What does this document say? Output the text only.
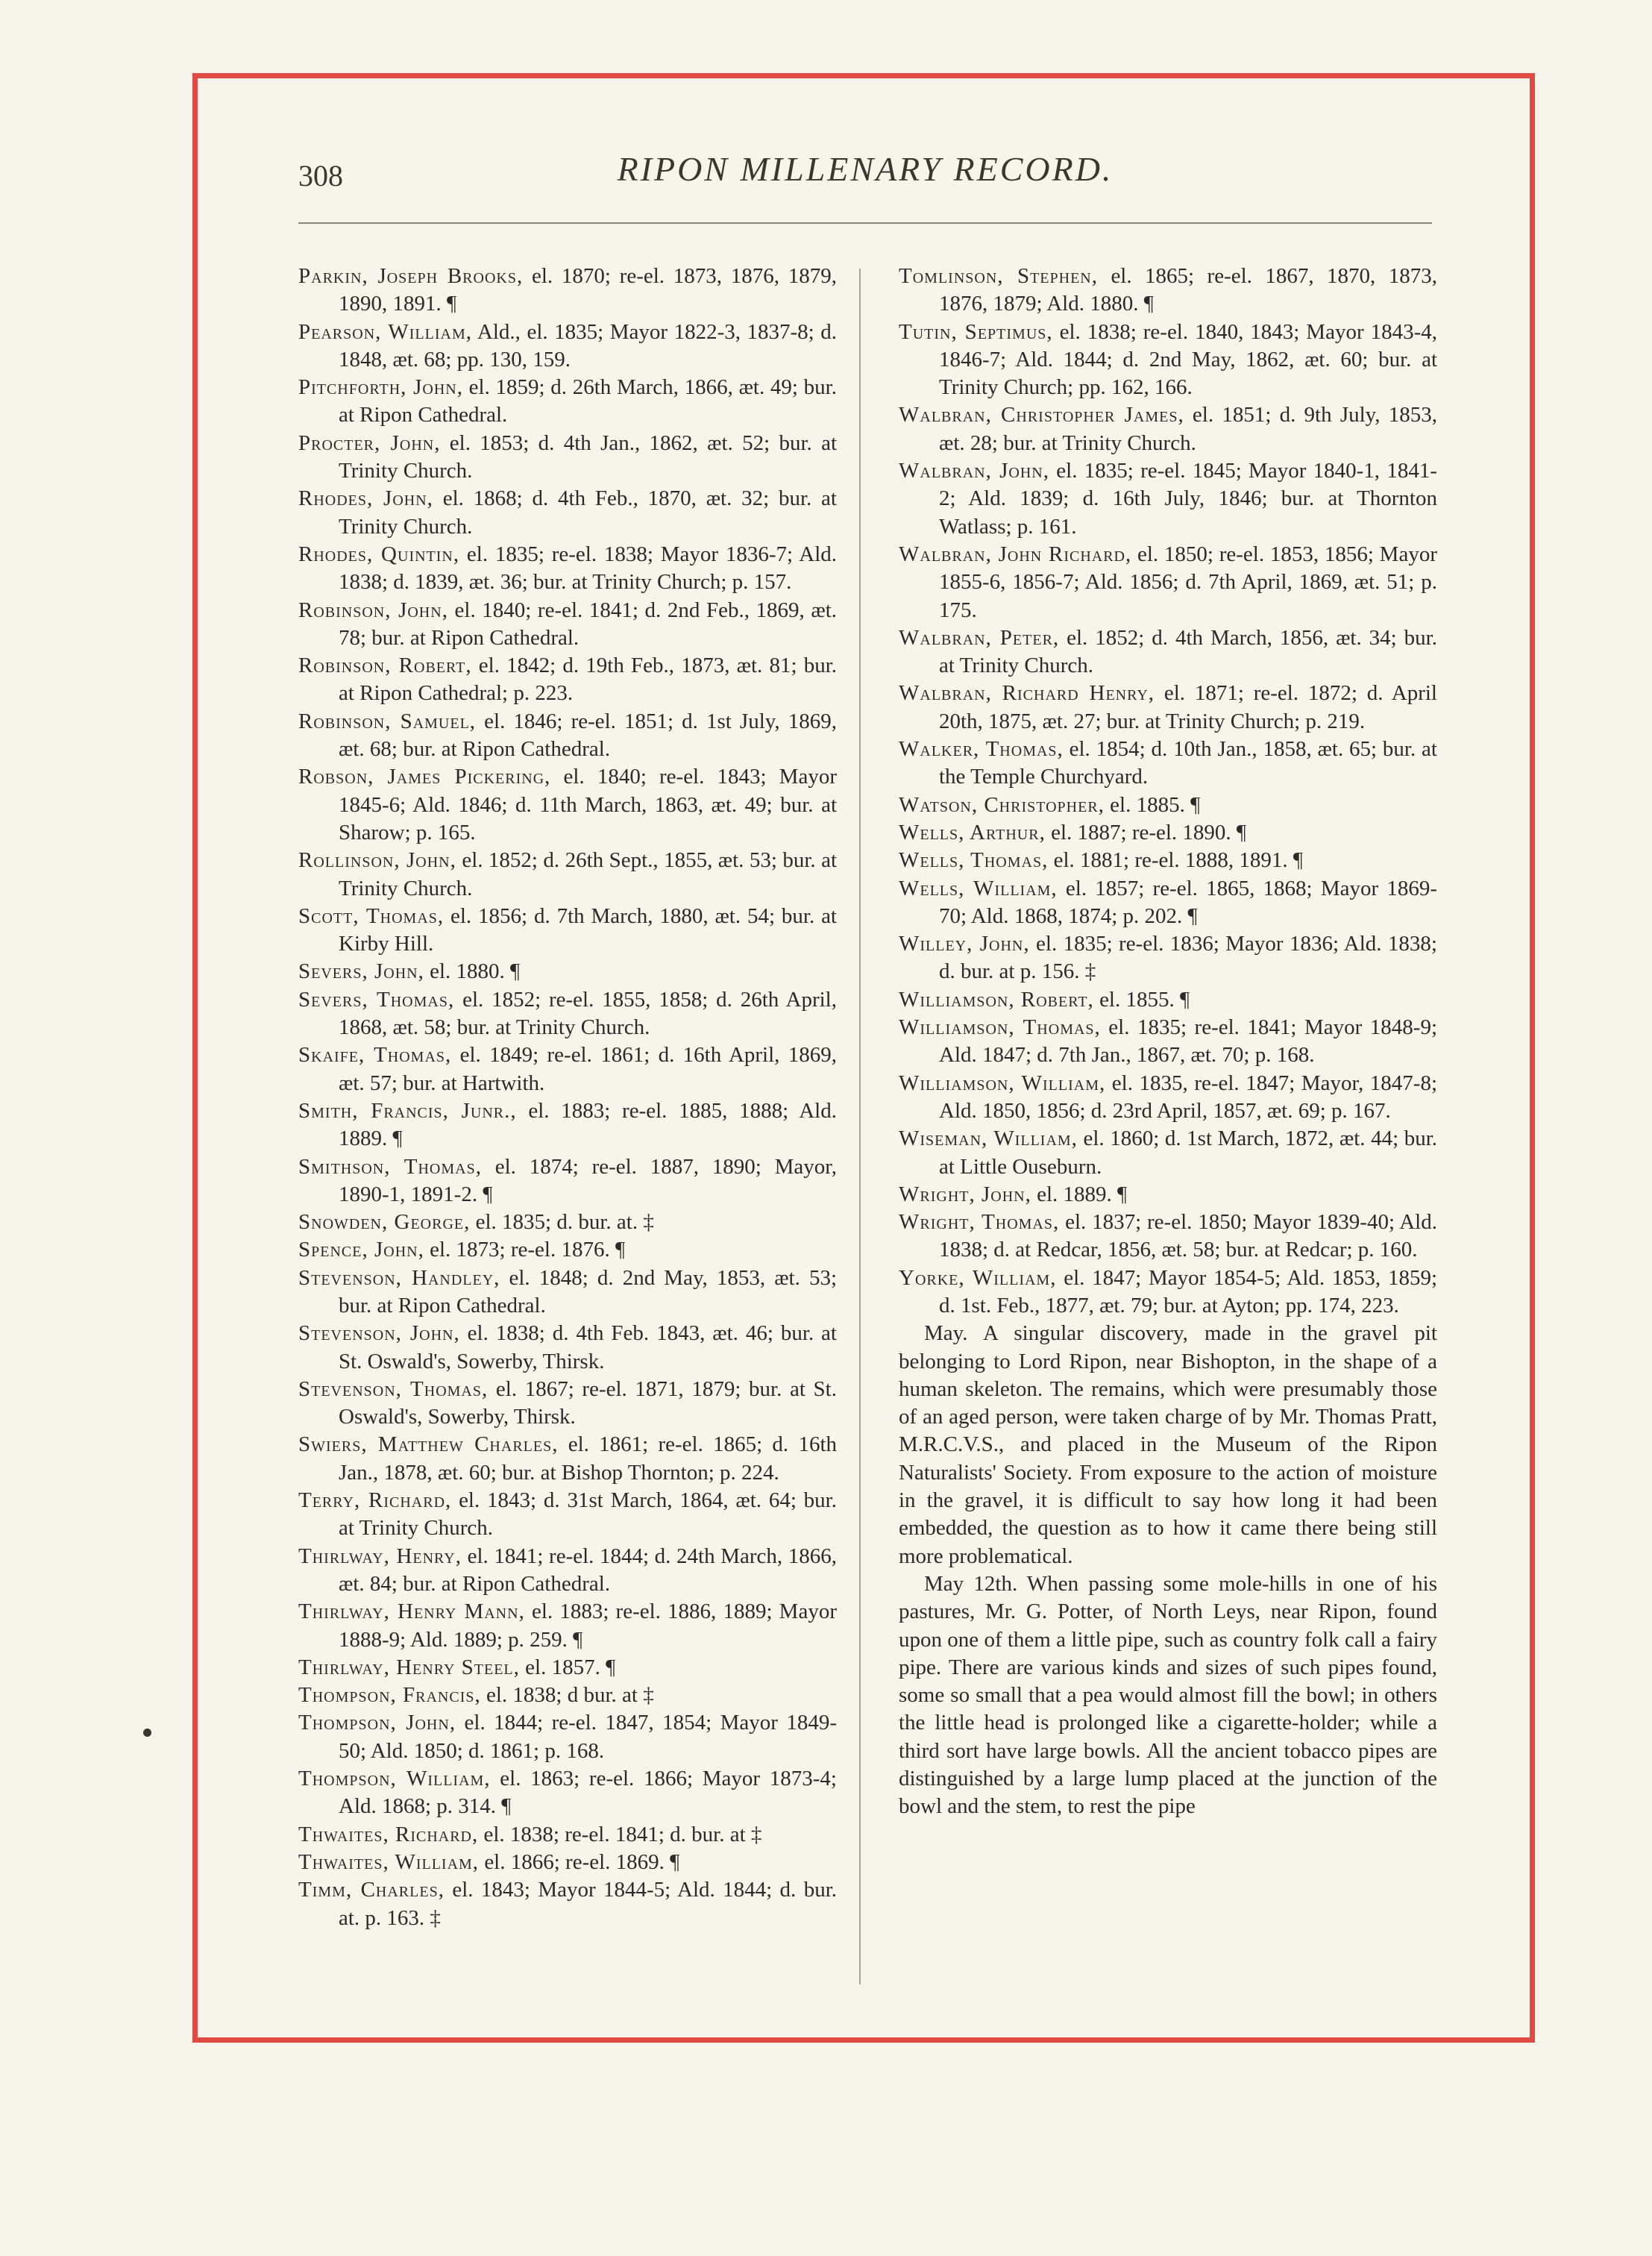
308	RIPON MILLENARY RECORD.

Parkin, Joseph Brooks, el. 1870; re-el. 1873, 1876, 1879, 1890, 1891. ¶

Pearson, William, Ald., el. 1835; Mayor 1822-3, 1837-8; d. 1848, æt. 68; pp. 130, 159.

Pitchforth, John, el. 1859; d. 26th March, 1866, æt. 49; bur. at Ripon Cathedral.

Procter, John, el. 1853; d. 4th Jan., 1862, æt. 52; bur. at Trinity Church.

Rhodes, John, el. 1868; d. 4th Feb., 1870, æt. 32; bur. at Trinity Church.

Rhodes, Quintin, el. 1835; re-el. 1838; Mayor 1836-7; Ald. 1838; d. 1839, æt. 36; bur. at Trinity Church; p. 157.

Robinson, John, el. 1840; re-el. 1841; d. 2nd Feb., 1869, æt. 78; bur. at Ripon Cathedral.

Robinson, Robert, el. 1842; d. 19th Feb., 1873, æt. 81; bur. at Ripon Cathedral; p. 223.

Robinson, Samuel, el. 1846; re-el. 1851; d. 1st July, 1869, æt. 68; bur. at Ripon Cathedral.

Robson, James Pickering, el. 1840; re-el. 1843; Mayor 1845-6; Ald. 1846; d. 11th March, 1863, æt. 49; bur. at Sharow; p. 165.

Rollinson, John, el. 1852; d. 26th Sept., 1855, æt. 53; bur. at Trinity Church.

Scott, Thomas, el. 1856; d. 7th March, 1880, æt. 54; bur. at Kirby Hill.

Severs, John, el. 1880. ¶

Severs, Thomas, el. 1852; re-el. 1855, 1858; d. 26th April, 1868, æt. 58; bur. at Trinity Church.

Skaife, Thomas, el. 1849; re-el. 1861; d. 16th April, 1869, æt. 57; bur. at Hartwith.

Smith, Francis, Junr., el. 1883; re-el. 1885, 1888; Ald. 1889. ¶

Smithson, Thomas, el. 1874; re-el. 1887, 1890; Mayor, 1890-1, 1891-2. ¶

Snowden, George, el. 1835; d. bur. at. ‡

Spence, John, el. 1873; re-el. 1876. ¶

Stevenson, Handley, el. 1848; d. 2nd May, 1853, æt. 53; bur. at Ripon Cathedral.

Stevenson, John, el. 1838; d. 4th Feb. 1843, æt. 46; bur. at St. Oswald's, Sowerby, Thirsk.

Stevenson, Thomas, el. 1867; re-el. 1871, 1879; bur. at St. Oswald's, Sowerby, Thirsk.

Swiers, Matthew Charles, el. 1861; re-el. 1865; d. 16th Jan., 1878, æt. 60; bur. at Bishop Thornton; p. 224.

Terry, Richard, el. 1843; d. 31st March, 1864, æt. 64; bur. at Trinity Church.

Thirlway, Henry, el. 1841; re-el. 1844; d. 24th March, 1866, æt. 84; bur. at Ripon Cathedral.

Thirlway, Henry Mann, el. 1883; re-el. 1886, 1889; Mayor 1888-9; Ald. 1889; p. 259. ¶

Thirlway, Henry Steel, el. 1857. ¶

Thompson, Francis, el. 1838; d bur. at ‡

Thompson, John, el. 1844; re-el. 1847, 1854; Mayor 1849-50; Ald. 1850; d. 1861; p. 168.

Thompson, William, el. 1863; re-el. 1866; Mayor 1873-4; Ald. 1868; p. 314. ¶

Thwaites, Richard, el. 1838; re-el. 1841; d. bur. at ‡

Thwaites, William, el. 1866; re-el. 1869. ¶

Timm, Charles, el. 1843; Mayor 1844-5; Ald. 1844; d. bur. at. p. 163. ‡

Tomlinson, Stephen, el. 1865; re-el. 1867, 1870, 1873, 1876, 1879; Ald. 1880. ¶

Tutin, Septimus, el. 1838; re-el. 1840, 1843; Mayor 1843-4, 1846-7; Ald. 1844; d. 2nd May, 1862, æt. 60; bur. at Trinity Church; pp. 162, 166.

Walbran, Christopher James, el. 1851; d. 9th July, 1853, æt. 28; bur. at Trinity Church.

Walbran, John, el. 1835; re-el. 1845; Mayor 1840-1, 1841-2; Ald. 1839; d. 16th July, 1846; bur. at Thornton Watlass; p. 161.

Walbran, John Richard, el. 1850; re-el. 1853, 1856; Mayor 1855-6, 1856-7; Ald. 1856; d. 7th April, 1869, æt. 51; p. 175.

Walbran, Peter, el. 1852; d. 4th March, 1856, æt. 34; bur. at Trinity Church.

Walbran, Richard Henry, el. 1871; re-el. 1872; d. April 20th, 1875, æt. 27; bur. at Trinity Church; p. 219.

Walker, Thomas, el. 1854; d. 10th Jan., 1858, æt. 65; bur. at the Temple Churchyard.

Watson, Christopher, el. 1885. ¶

Wells, Arthur, el. 1887; re-el. 1890. ¶

Wells, Thomas, el. 1881; re-el. 1888, 1891. ¶

Wells, William, el. 1857; re-el. 1865, 1868; Mayor 1869-70; Ald. 1868, 1874; p. 202. ¶

Willey, John, el. 1835; re-el. 1836; Mayor 1836; Ald. 1838; d. bur. at p. 156. ‡

Williamson, Robert, el. 1855. ¶

Williamson, Thomas, el. 1835; re-el. 1841; Mayor 1848-9; Ald. 1847; d. 7th Jan., 1867, æt. 70; p. 168.

Williamson, William, el. 1835, re-el. 1847; Mayor, 1847-8; Ald. 1850, 1856; d. 23rd April, 1857, æt. 69; p. 167.

Wiseman, William, el. 1860; d. 1st March, 1872, æt. 44; bur. at Little Ouseburn.

Wright, John, el. 1889. ¶

Wright, Thomas, el. 1837; re-el. 1850; Mayor 1839-40; Ald. 1838; d. at Redcar, 1856, æt. 58; bur. at Redcar; p. 160.

Yorke, William, el. 1847; Mayor 1854-5; Ald. 1853, 1859; d. 1st. Feb., 1877, æt. 79; bur. at Ayton; pp. 174, 223.

May. A singular discovery, made in the gravel pit belonging to Lord Ripon, near Bishopton, in the shape of a human skeleton. The remains, which were presumably those of an aged person, were taken charge of by Mr. Thomas Pratt, M.R.C.V.S., and placed in the Museum of the Ripon Naturalists' Society. From exposure to the action of moisture in the gravel, it is difficult to say how long it had been embedded, the question as to how it came there being still more problematical.

May 12th. When passing some mole-hills in one of his pastures, Mr. G. Potter, of North Leys, near Ripon, found upon one of them a little pipe, such as country folk call a fairy pipe. There are various kinds and sizes of such pipes found, some so small that a pea would almost fill the bowl; in others the little head is prolonged like a cigarette-holder; while a third sort have large bowls. All the ancient tobacco pipes are distinguished by a large lump placed at the junction of the bowl and the stem, to rest the pipe
